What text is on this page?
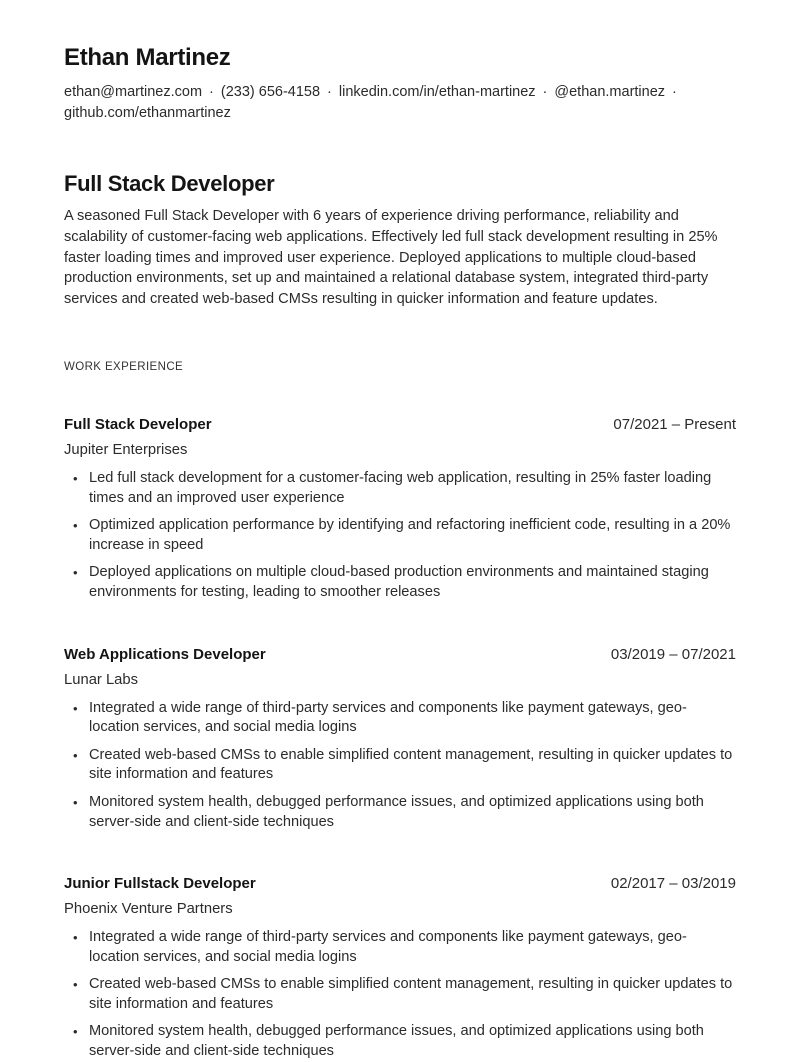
Ethan Martinez
ethan@martinez.com · (233) 656-4158 · linkedin.com/in/ethan-martinez · @ethan.martinez ·github.com/ethanmartinez
Full Stack Developer
A seasoned Full Stack Developer with 6 years of experience driving performance, reliability and scalability of customer-facing web applications. Effectively led full stack development resulting in 25% faster loading times and improved user experience. Deployed applications to multiple cloud-based production environments, set up and maintained a relational database system, integrated third-party services and created web-based CMSs resulting in quicker information and feature updates.
WORK EXPERIENCE
Full Stack Developer	07/2021 – Present
Jupiter Enterprises
• Led full stack development for a customer-facing web application, resulting in 25% faster loading times and an improved user experience
• Optimized application performance by identifying and refactoring inefficient code, resulting in a 20% increase in speed
• Deployed applications on multiple cloud-based production environments and maintained staging environments for testing, leading to smoother releases
Web Applications Developer	03/2019 – 07/2021
Lunar Labs
• Integrated a wide range of third-party services and components like payment gateways, geo-location services, and social media logins
• Created web-based CMSs to enable simplified content management, resulting in quicker updates to site information and features
• Monitored system health, debugged performance issues, and optimized applications using both server-side and client-side techniques
Junior Fullstack Developer	02/2017 – 03/2019
Phoenix Venture Partners
• Integrated a wide range of third-party services and components like payment gateways, geo-location services, and social media logins
• Created web-based CMSs to enable simplified content management, resulting in quicker updates to site information and features
• Monitored system health, debugged performance issues, and optimized applications using both server-side and client-side techniques
